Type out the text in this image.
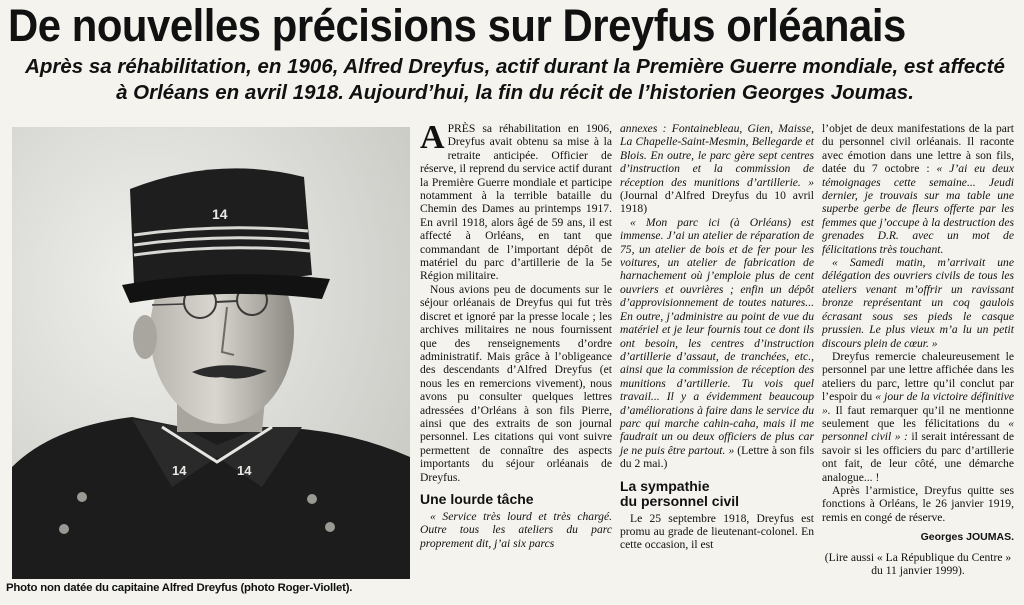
De nouvelles précisions sur Dreyfus orléanais
Après sa réhabilitation, en 1906, Alfred Dreyfus, actif durant la Première Guerre mondiale, est affecté à Orléans en avril 1918. Aujourd’hui, la fin du récit de l’historien Georges Joumas.
14	14
14
Photo non datée du capitaine Alfred Dreyfus (photo Roger-Viollet).

APRÈS sa réhabilitation en 1906, Dreyfus avait obtenu sa mise à la retraite anticipée. Officier de réserve, il reprend du service actif durant la Première Guerre mondiale et participe notamment à la terrible bataille du Chemin des Dames au printemps 1917. En avril 1918, alors âgé de 59 ans, il est affecté à Orléans, en tant que commandant de l’important dépôt de matériel du parc d’artillerie de la 5e Région militaire.

Nous avions peu de documents sur le séjour orléanais de Dreyfus qui fut très discret et ignoré par la presse locale ; les archives militaires ne nous fournissent que des renseignements d’ordre administratif. Mais grâce à l’obligeance des descendants d’Alfred Dreyfus (et nous les en remercions vivement), nous avons pu consulter quelques lettres adressées d’Orléans à son fils Pierre, ainsi que des extraits de son journal personnel. Les citations qui vont suivre permettent de connaître des aspects importants du séjour orléanais de Dreyfus.

Une lourde tâche

« Service très lourd et très chargé. Outre tous les ateliers du parc proprement dit, j’ai six parcs

annexes : Fontainebleau, Gien, Maisse, La Chapelle-Saint-Mesmin, Bellegarde et Blois. En outre, le parc gère sept centres d’instruction et la commission de réception des munitions d’artillerie. » (Journal d’Alfred Dreyfus du 10 avril 1918)

« Mon parc ici (à Orléans) est immense. J’ai un atelier de réparation de 75, un atelier de bois et de fer pour les voitures, un atelier de fabrication de harnachement où j’emploie plus de cent ouvriers et ouvrières ; enfin un dépôt d’approvisionnement de toutes natures... En outre, j’administre au point de vue du matériel et je leur fournis tout ce dont ils ont besoin, les centres d’instruction d’artillerie d’assaut, de tranchées, etc., ainsi que la commission de réception des munitions d’artillerie. Tu vois quel travail... Il y a évidemment beaucoup d’améliorations à faire dans le service du parc qui marche cahin-caha, mais il me faudrait un ou deux officiers de plus car je ne puis être partout. » (Lettre à son fils du 2 mai.)

La sympathie
du personnel civil

Le 25 septembre 1918, Dreyfus est promu au grade de lieutenant-colonel. En cette occasion, il est

l’objet de deux manifestations de la part du personnel civil orléanais. Il raconte avec émotion dans une lettre à son fils, datée du 7 octobre : « J’ai eu deux témoignages cette semaine... Jeudi dernier, je trouvais sur ma table une superbe gerbe de fleurs offerte par les femmes que j’occupe à la destruction des grenades D.R. avec un mot de félicitations très touchant.

« Samedi matin, m’arrivait une délégation des ouvriers civils de tous les ateliers venant m’offrir un ravissant bronze représentant un coq gaulois écrasant sous ses pieds le casque prussien. Le plus vieux m’a lu un petit discours plein de cœur. »

Dreyfus remercie chaleureusement le personnel par une lettre affichée dans les ateliers du parc, lettre qu’il conclut par l’espoir du « jour de la victoire définitive ». Il faut remarquer qu’il ne mentionne seulement que les félicitations du « personnel civil » : il serait intéressant de savoir si les officiers du parc d’artillerie ont fait, de leur côté, une démarche analogue... !

Après l’armistice, Dreyfus quitte ses fonctions à Orléans, le 26 janvier 1919, remis en congé de réserve.

Georges JOUMAS.

(Lire aussi « La République du Centre » du 11 janvier 1999).
